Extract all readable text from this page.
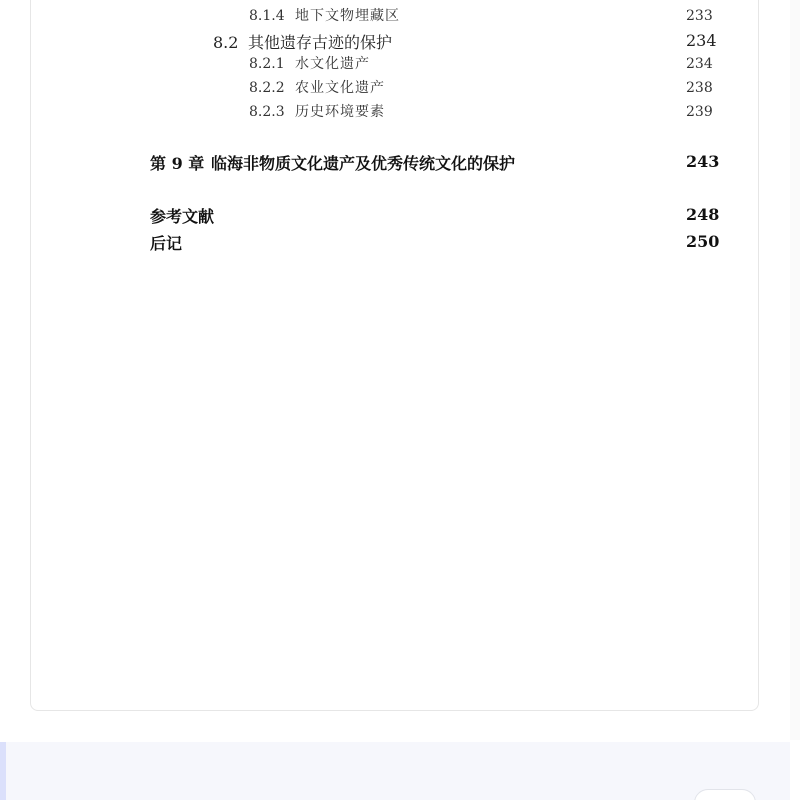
8.1.4 地下文物埋藏区	233
8.2 其他遗存古迹的保护	234
8.2.1 水文化遗产	234
8.2.2 农业文化遗产	238
8.2.3 历史环境要素	239
第 9 章 临海非物质文化遗产及优秀传统文化的保护	243
参考文献	248
后记	250
